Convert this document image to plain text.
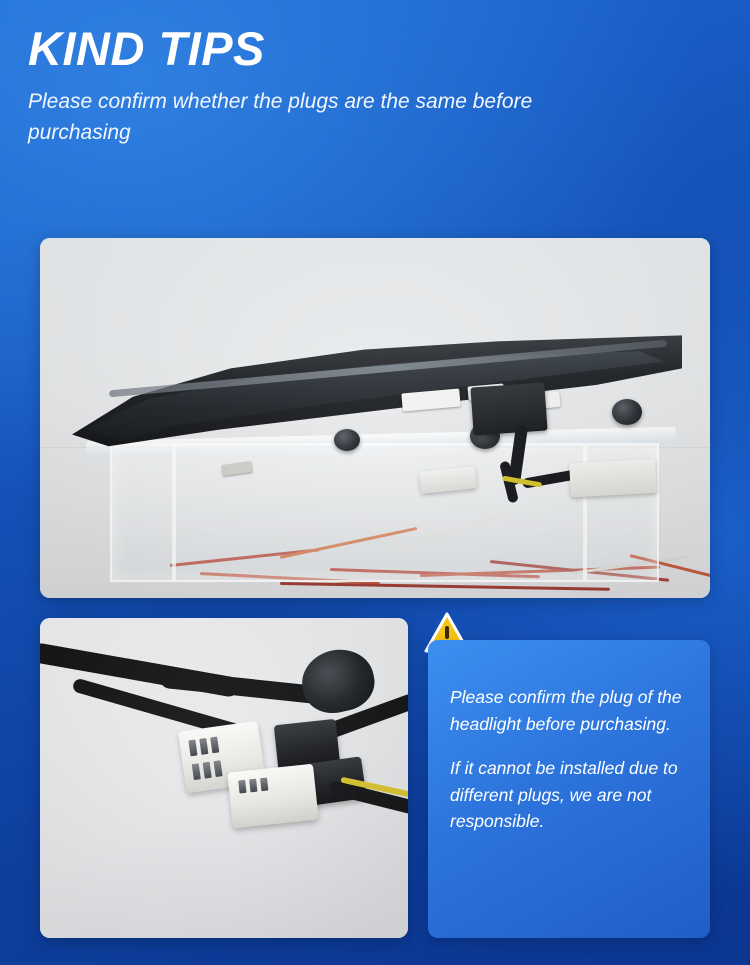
KIND TIPS

Please confirm whether the plugs are the same before purchasing

Please confirm the plug of the headlight before purchasing.

If it cannot be installed due to different plugs, we are not responsible.
